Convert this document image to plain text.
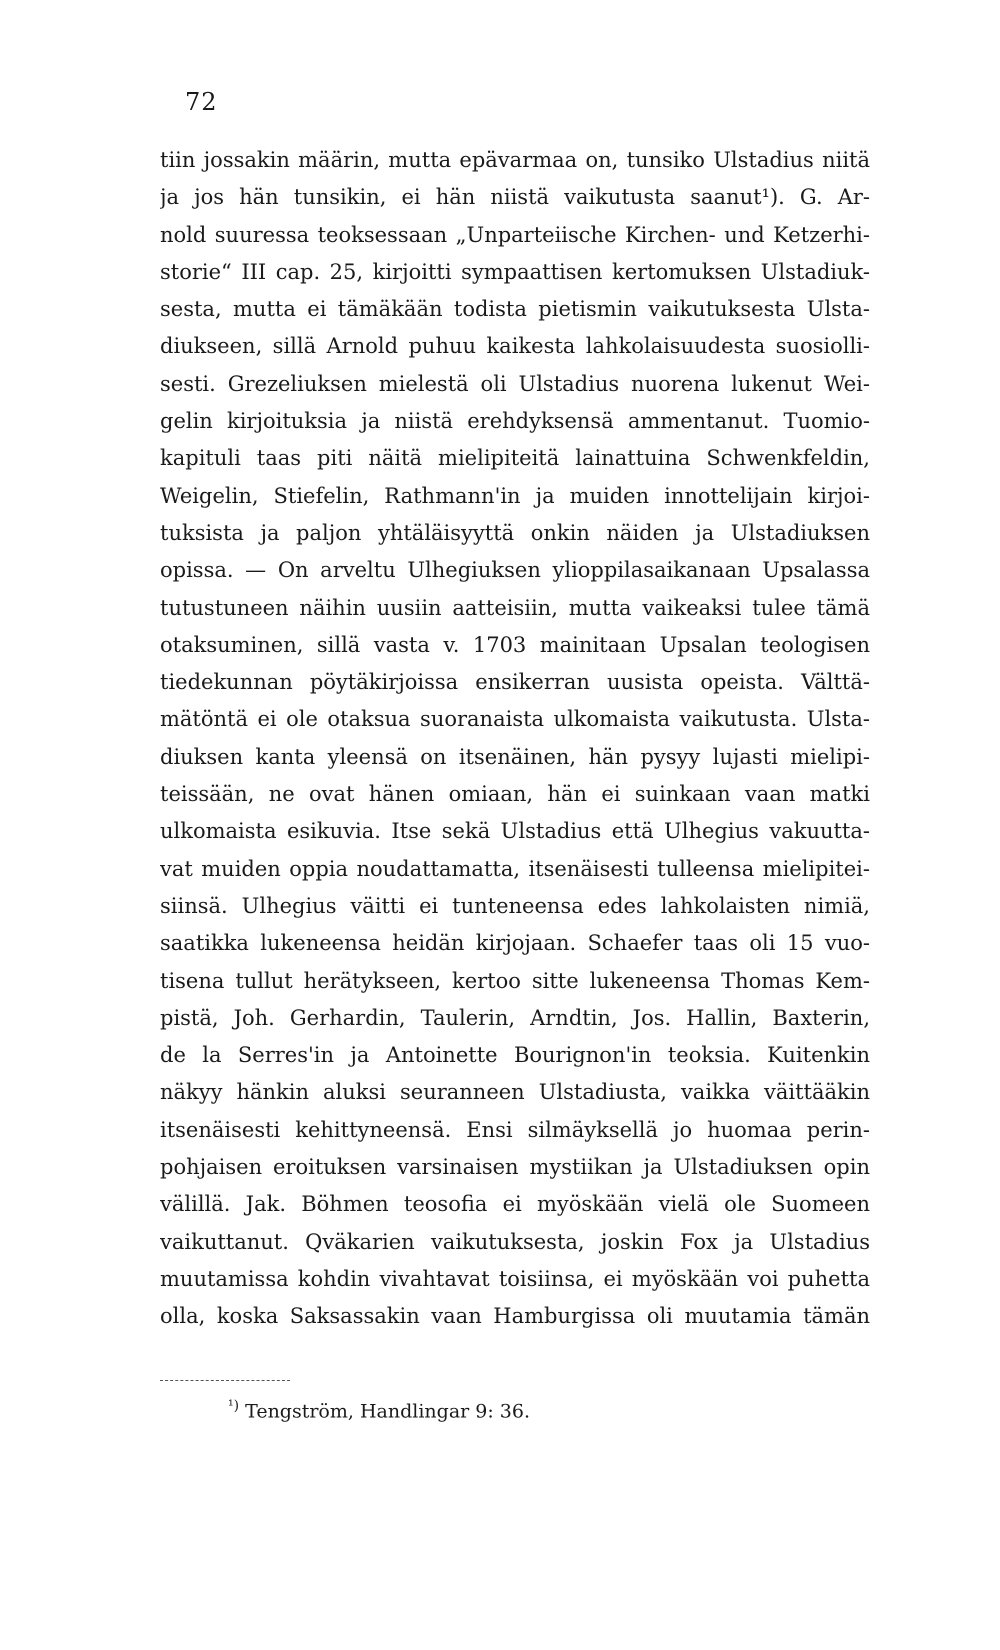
72
tiin jossakin määrin, mutta epävarmaa on, tunsiko Ulstadius niitä
ja jos hän tunsikin, ei hän niistä vaikutusta saanut¹). G. Ar-
nold suuressa teoksessaan „Unparteiische Kirchen- und Ketzerhi-
storie“ III cap. 25, kirjoitti sympaattisen kertomuksen Ulstadiuk-
sesta, mutta ei tämäkään todista pietismin vaikutuksesta Ulsta-
diukseen, sillä Arnold puhuu kaikesta lahkolaisuudesta suosiolli-
sesti. Grezeliuksen mielestä oli Ulstadius nuorena lukenut Wei-
gelin kirjoituksia ja niistä erehdyksensä ammentanut. Tuomio-
kapituli taas piti näitä mielipiteitä lainattuina Schwenkfeldin,
Weigelin, Stiefelin, Rathmann'in ja muiden innottelijain kirjoi-
tuksista ja paljon yhtäläisyyttä onkin näiden ja Ulstadiuksen
opissa. — On arveltu Ulhegiuksen ylioppilasaikanaan Upsalassa
tutustuneen näihin uusiin aatteisiin, mutta vaikeaksi tulee tämä
otaksuminen, sillä vasta v. 1703 mainitaan Upsalan teologisen
tiedekunnan pöytäkirjoissa ensikerran uusista opeista. Välttä-
mätöntä ei ole otaksua suoranaista ulkomaista vaikutusta. Ulsta-
diuksen kanta yleensä on itsenäinen, hän pysyy lujasti mielipi-
teissään, ne ovat hänen omiaan, hän ei suinkaan vaan matki
ulkomaista esikuvia. Itse sekä Ulstadius että Ulhegius vakuutta-
vat muiden oppia noudattamatta, itsenäisesti tulleensa mielipitei-
siinsä. Ulhegius väitti ei tunteneensa edes lahkolaisten nimiä,
saatikka lukeneensa heidän kirjojaan. Schaefer taas oli 15 vuo-
tisena tullut herätykseen, kertoo sitte lukeneensa Thomas Kem-
pistä, Joh. Gerhardin, Taulerin, Arndtin, Jos. Hallin, Baxterin,
de la Serres'in ja Antoinette Bourignon'in teoksia. Kuitenkin
näkyy hänkin aluksi seuranneen Ulstadiusta, vaikka väittääkin
itsenäisesti kehittyneensä. Ensi silmäyksellä jo huomaa perin-
pohjaisen eroituksen varsinaisen mystiikan ja Ulstadiuksen opin
välillä. Jak. Böhmen teosofia ei myöskään vielä ole Suomeen
vaikuttanut. Qväkarien vaikutuksesta, joskin Fox ja Ulstadius
muutamissa kohdin vivahtavat toisiinsa, ei myöskään voi puhetta
olla, koska Saksassakin vaan Hamburgissa oli muutamia tämän
$^{^1)}$ Tengström, Handlingar 9: 36.
